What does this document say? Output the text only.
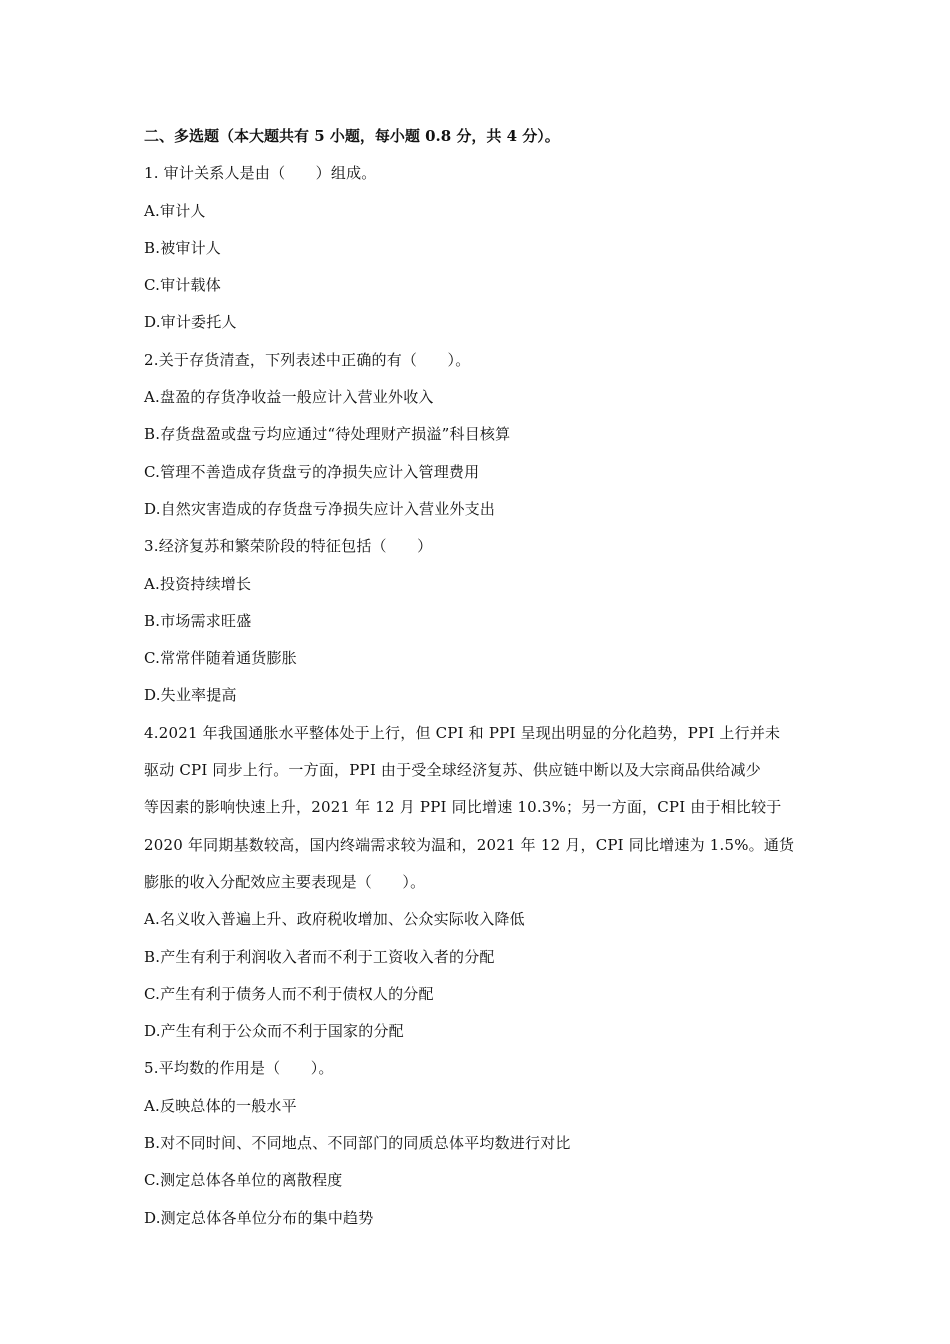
二、多选题（本大题共有 5 小题，每小题 0.8 分，共 4 分）。
1. 审计关系人是由（　　）组成。
A.审计人
B.被审计人
C.审计载体
D.审计委托人
2.关于存货清查，下列表述中正确的有（　　）。
A.盘盈的存货净收益一般应计入营业外收入
B.存货盘盈或盘亏均应通过“待处理财产损溢”科目核算
C.管理不善造成存货盘亏的净损失应计入管理费用
D.自然灾害造成的存货盘亏净损失应计入营业外支出
3.经济复苏和繁荣阶段的特征包括（　　）
A.投资持续增长
B.市场需求旺盛
C.常常伴随着通货膨胀
D.失业率提高
4.2021 年我国通胀水平整体处于上行，但 CPI 和 PPI 呈现出明显的分化趋势，PPI 上行并未
驱动 CPI 同步上行。一方面，PPI 由于受全球经济复苏、供应链中断以及大宗商品供给减少
等因素的影响快速上升，2021 年 12 月 PPI 同比增速 10.3%；另一方面，CPI 由于相比较于
2020 年同期基数较高，国内终端需求较为温和，2021 年 12 月，CPI 同比增速为 1.5%。通货
膨胀的收入分配效应主要表现是（　　）。
A.名义收入普遍上升、政府税收增加、公众实际收入降低
B.产生有利于利润收入者而不利于工资收入者的分配
C.产生有利于债务人而不利于债权人的分配
D.产生有利于公众而不利于国家的分配
5.平均数的作用是（　　）。
A.反映总体的一般水平
B.对不同时间、不同地点、不同部门的同质总体平均数进行对比
C.测定总体各单位的离散程度
D.测定总体各单位分布的集中趋势
